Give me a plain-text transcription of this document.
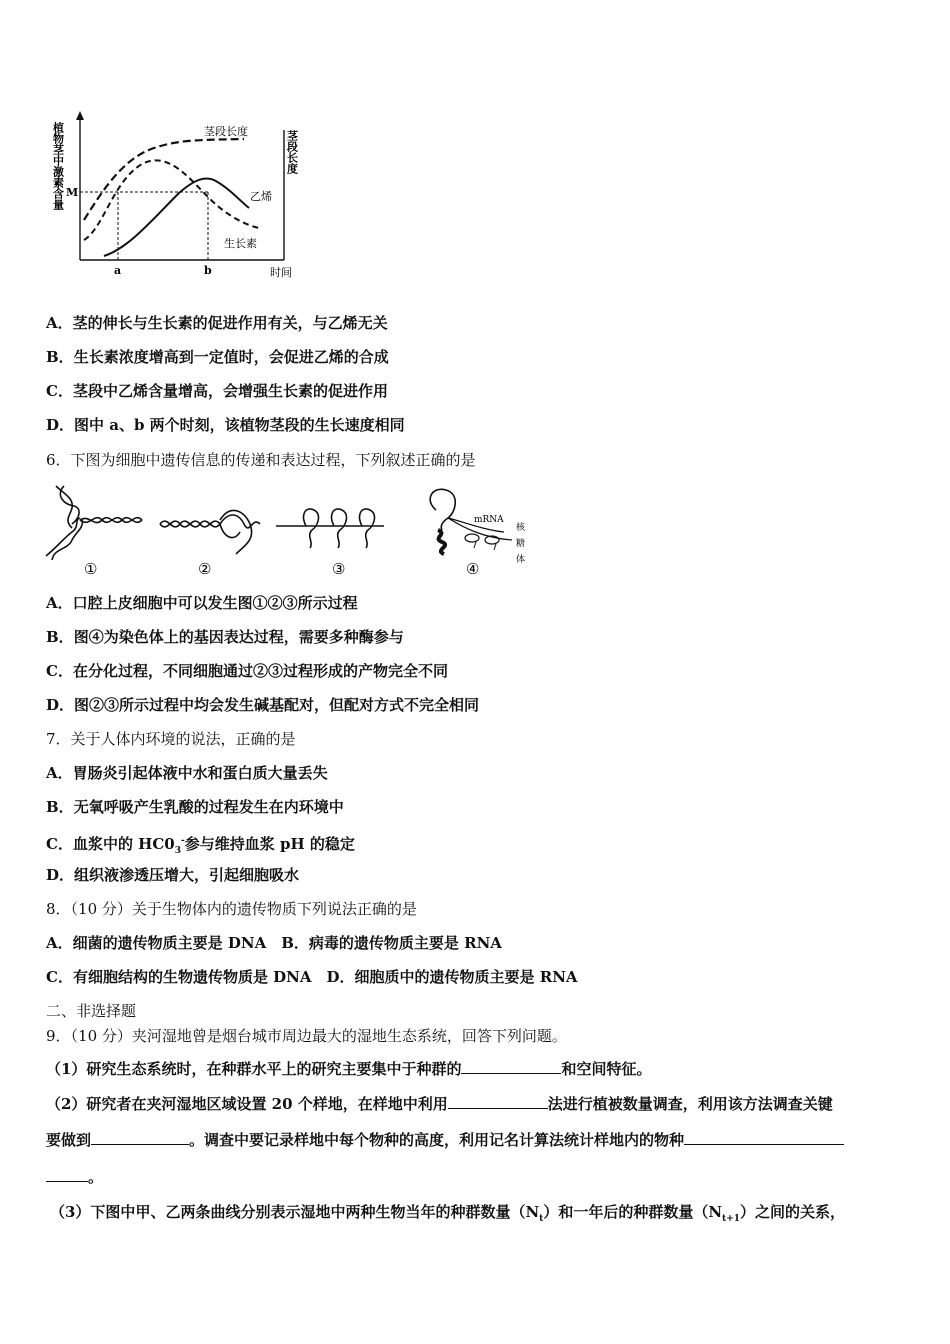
植物茎中激素含量	茎段长度
M
茎段长度
乙烯
生长素
a	b	时间
A．茎的伸长与生长素的促进作用有关，与乙烯无关
B．生长素浓度增高到一定值时，会促进乙烯的合成
C．茎段中乙烯含量增高，会增强生长素的促进作用
D．图中 a、b 两个时刻，该植物茎段的生长速度相同
6．下图为细胞中遗传信息的传递和表达过程，下列叙述正确的是
①	②	③
mRNA
核
糖
体
④
A．口腔上皮细胞中可以发生图①②③所示过程
B．图④为染色体上的基因表达过程，需要多种酶参与
C．在分化过程，不同细胞通过②③过程形成的产物完全不同
D．图②③所示过程中均会发生碱基配对，但配对方式不完全相同
7．关于人体内环境的说法，正确的是
A．胃肠炎引起体液中水和蛋白质大量丢失
B．无氧呼吸产生乳酸的过程发生在内环境中
C．血浆中的 $HC0_3^-$参与维持血浆 pH 的稳定
D．组织液渗透压增大，引起细胞吸水
8．（10 分）关于生物体内的遗传物质下列说法正确的是
A．细菌的遗传物质主要是 DNA　B．病毒的遗传物质主要是 RNA
C．有细胞结构的生物遗传物质是 DNA　D．细胞质中的遗传物质主要是 RNA
二、非选择题
9．（10 分）夹河湿地曾是烟台城市周边最大的湿地生态系统，回答下列问题。
（1）研究生态系统时，在种群水平上的研究主要集中于种群的	和空间特征。
（2）研究者在夹河湿地区域设置 20 个样地，在样地中利用	法进行植被数量调查，利用该方法调查关键
要做到	。调查中要记录样地中每个物种的高度，利用记名计算法统计样地内的物种
。
（3）下图中甲、乙两条曲线分别表示湿地中两种生物当年的种群数量$(N_t)$和一年后的种群数量$(N_{t+1})$之间的关系，
